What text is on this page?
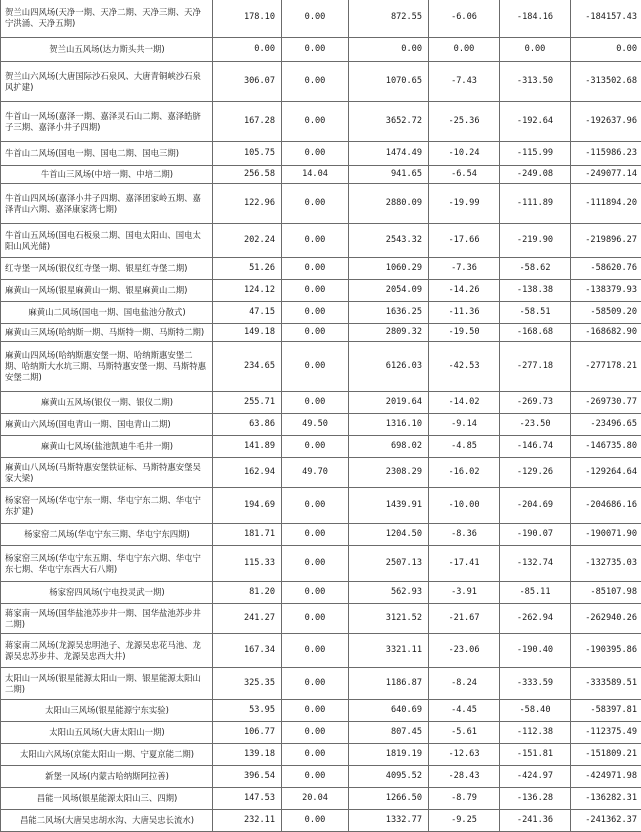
贺兰山四风场(天净一期、天净二期、天净三期、天净宁洪涌、天净五期)	178.10	0.00	872.55	-6.06	-184.16	-184157.43
贺兰山五风场(达力斯头共一期)	0.00	0.00	0.00	0.00	0.00	0.00
贺兰山六风场(大唐国际沙石泉风、大唐青铜峡沙石泉风扩建)	306.07	0.00	1070.65	-7.43	-313.50	-313502.68
牛首山一风场(嘉泽一期、嘉泽灵石山二期、嘉泽皓脐子三期、嘉泽小井子四期)	167.28	0.00	3652.72	-25.36	-192.64	-192637.96
牛首山二风场(国电一期、国电二期、国电三期)	105.75	0.00	1474.49	-10.24	-115.99	-115986.23
牛首山三风场(中培一期、中培二期)	256.58	14.04	941.65	-6.54	-249.08	-249077.14
牛首山四风场(嘉泽小井子四期、嘉泽团家岭五期、嘉泽青山六期、嘉泽康家湾七期)	122.96	0.00	2880.09	-19.99	-111.89	-111894.20
牛首山五风场(国电石板泉二期、国电太阳山、国电太阳山风光储)	202.24	0.00	2543.32	-17.66	-219.90	-219896.27
红寺堡一风场(银仪红寺堡一期、银星红寺堡二期)	51.26	0.00	1060.29	-7.36	-58.62	-58620.76
麻黄山一风场(银星麻黄山一期、银星麻黄山二期)	124.12	0.00	2054.09	-14.26	-138.38	-138379.93
麻黄山二风场(国电一期、国电盐池分散式)	47.15	0.00	1636.25	-11.36	-58.51	-58509.20
麻黄山三风场(哈纳斯一期、马斯特一期、马斯特二期)	149.18	0.00	2809.32	-19.50	-168.68	-168682.90
麻黄山四风场(哈纳斯惠安堡一期、哈纳斯惠安堡二期、哈纳斯大水坑三期、马斯特惠安堡一期、马斯特惠安堡二期)	234.65	0.00	6126.03	-42.53	-277.18	-277178.21
麻黄山五风场(银仪一期、银仪二期)	255.71	0.00	2019.64	-14.02	-269.73	-269730.77
麻黄山六风场(国电青山一期、国电青山二期)	63.86	49.50	1316.10	-9.14	-23.50	-23496.65
麻黄山七风场(盐池凯迪牛毛井一期)	141.89	0.00	698.02	-4.85	-146.74	-146735.80
麻黄山八风场(马斯特惠安堡铁证标、马斯特惠安堡吴家大梁)	162.94	49.70	2308.29	-16.02	-129.26	-129264.64
杨家窑一风场(华屯宁东一期、华屯宁东二期、华屯宁东扩建)	194.69	0.00	1439.91	-10.00	-204.69	-204686.16
杨家窑二风场(华屯宁东三期、华屯宁东四期)	181.71	0.00	1204.50	-8.36	-190.07	-190071.90
杨家窑三风场(华屯宁东五期、华屯宁东六期、华屯宁东七期、华屯宁东西大石八期)	115.33	0.00	2507.13	-17.41	-132.74	-132735.03
杨家窑四风场(宁电投灵武一期)	81.20	0.00	562.93	-3.91	-85.11	-85107.98
蒋家南一风场(国华盐池苏步井一期、国华盐池苏步井二期)	241.27	0.00	3121.52	-21.67	-262.94	-262940.26
蒋家南二风场(龙源吴忠明池子、龙源吴忠花马池、龙源吴忠苏步井、龙源吴忠西大井)	167.34	0.00	3321.11	-23.06	-190.40	-190395.86
太阳山一风场(银星能源太阳山一期、银星能源太阳山二期)	325.35	0.00	1186.87	-8.24	-333.59	-333589.51
太阳山三风场(银星能源宁东实验)	53.95	0.00	640.69	-4.45	-58.40	-58397.81
太阳山五风场(大唐太阳山一期)	106.77	0.00	807.45	-5.61	-112.38	-112375.49
太阳山六风场(京能太阳山一期、宁夏京能二期)	139.18	0.00	1819.19	-12.63	-151.81	-151809.21
新堡一风场(内蒙古哈纳斯阿拉善)	396.54	0.00	4095.52	-28.43	-424.97	-424971.98
昌能一风场(银星能源太阳山三、四期)	147.53	20.04	1266.50	-8.79	-136.28	-136282.31
昌能二风场(大唐吴忠胡水沟、大唐吴忠长流水)	232.11	0.00	1332.77	-9.25	-241.36	-241362.37
